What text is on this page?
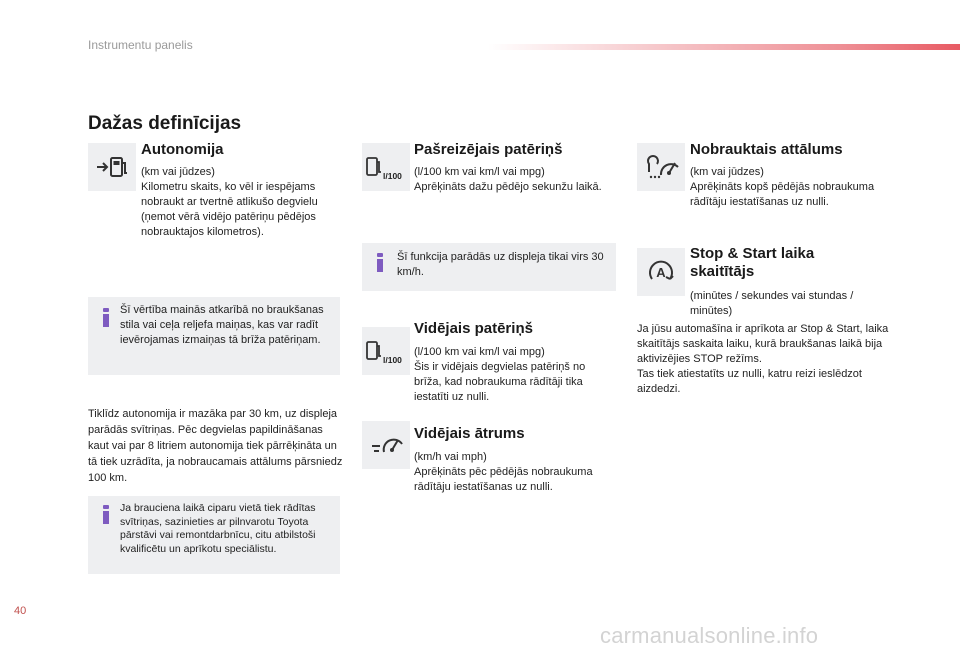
Instrumentu panelis
Dažas definīcijas
Autonomija
(km vai jūdzes)
Kilometru skaits, ko vēl ir iespējams nobraukt ar tvertnē atlikušo degvielu (ņemot vērā vidējo patēriņu pēdējos nobrauktajos kilometros).
Šī vērtība mainās atkarībā no braukšanas stila vai ceļa reljefa maiņas, kas var radīt ievērojamas izmaiņas tā brīža patēriņam.
Tiklīdz autonomija ir mazāka par 30 km, uz displeja parādās svītriņas. Pēc degvielas papildināšanas kaut vai par 8 litriem autonomija tiek pārrēķināta un tā tiek uzrādīta, ja nobraucamais attālums pārsniedz 100 km.
Ja brauciena laikā ciparu vietā tiek rādītas svītriņas, sazinieties ar pilnvarotu Toyota pārstāvi vai remontdarbnīcu, citu atbilstoši kvalificētu un aprīkotu speciālistu.
l/100
Pašreizējais patēriņš
(l/100 km vai km/l vai mpg)
Aprēķināts dažu pēdējo sekunžu laikā.
Šī funkcija parādās uz displeja tikai virs 30 km/h.
l/100
Vidējais patēriņš
(l/100 km vai km/l vai mpg)
Šis ir vidējais degvielas patēriņš no brīža, kad nobraukuma rādītāji tika iestatīti uz nulli.
Vidējais ātrums
(km/h vai mph)
Aprēķināts pēc pēdējās nobraukuma rādītāju iestatīšanas uz nulli.
Nobrauktais attālums
(km vai jūdzes)
Aprēķināts kopš pēdējās nobraukuma rādītāju iestatīšanas uz nulli.
A
Stop & Start laika skaitītājs
(minūtes / sekundes vai stundas / minūtes)
Ja jūsu automašīna ir aprīkota ar Stop & Start, laika skaitītājs saskaita laiku, kurā braukšanas laikā bija aktivizējies STOP režīms.
Tas tiek atiestatīts uz nulli, katru reizi ieslēdzot aizdedzi.
40
carmanualsonline.info
